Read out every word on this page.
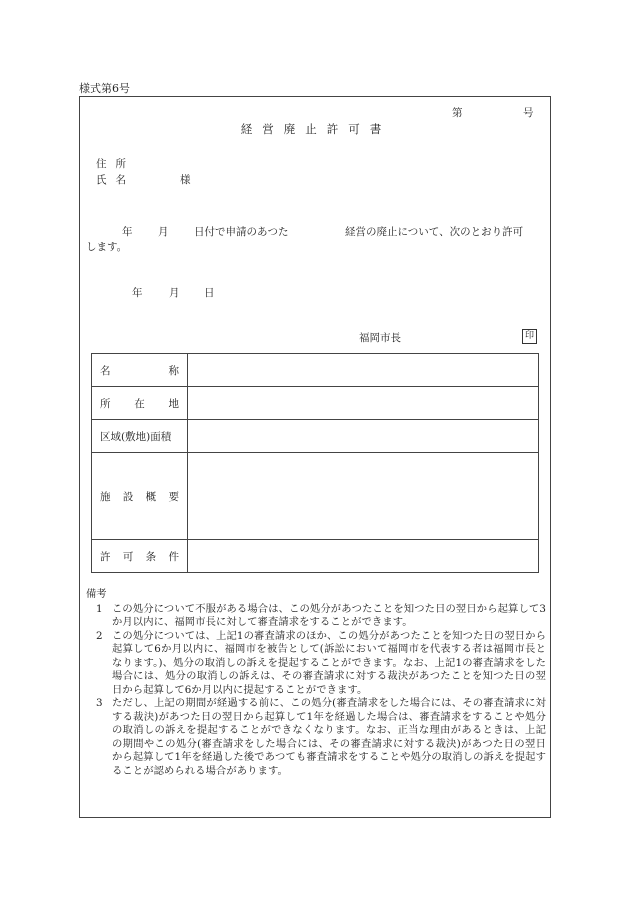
様式第6号
第	号
経営廃止許可書
住所
氏名	様
年 月 日付で申請のあつた	経営の廃止について、次のとおり許可
します。
年	月 日
福岡市長	印
名 称	

所 在 地	

区域(敷地)面積	

施 設 概 要	

許 可 条 件	

備考
1 この処分について不服がある場合は、この処分があつたことを知つた日の翌日から起算して3か月以内に、福岡市長に対して審査請求をすることができます。
2 この処分については、上記1の審査請求のほか、この処分があつたことを知つた日の翌日から起算して6か月以内に、福岡市を被告として(訴訟において福岡市を代表する者は福岡市長となります。)、処分の取消しの訴えを提起することができます。なお、上記1の審査請求をした場合には、処分の取消しの訴えは、その審査請求に対する裁決があつたことを知つた日の翌日から起算して6か月以内に提起することができます。
3 ただし、上記の期間が経過する前に、この処分(審査請求をした場合には、その審査請求に対する裁決)があつた日の翌日から起算して1年を経過した場合は、審査請求をすることや処分の取消しの訴えを提起することができなくなります。なお、正当な理由があるときは、上記の期間やこの処分(審査請求をした場合には、その審査請求に対する裁決)があつた日の翌日から起算して1年を経過した後であつても審査請求をすることや処分の取消しの訴えを提起することが認められる場合があります。
